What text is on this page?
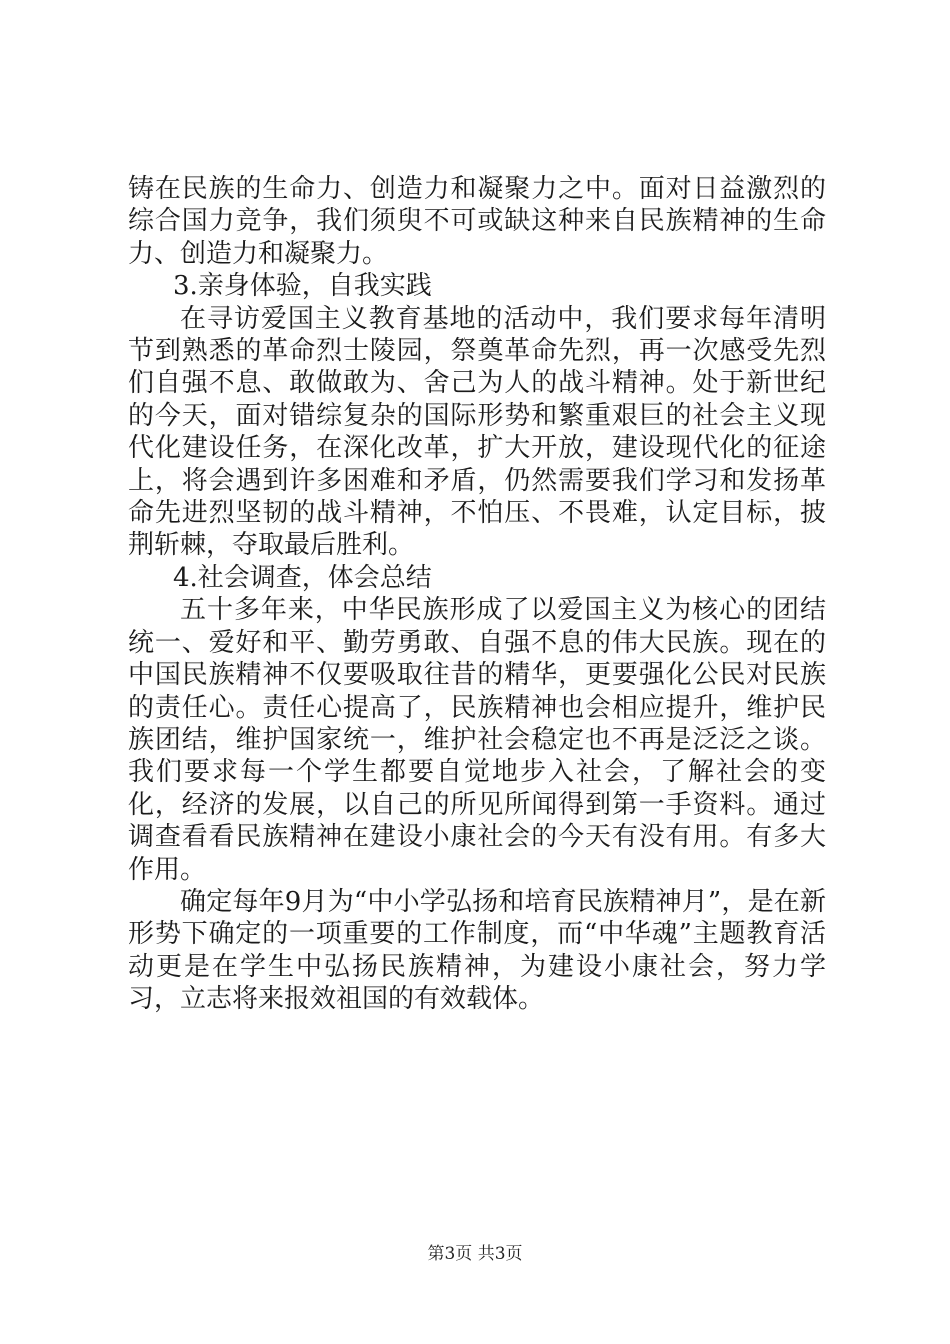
铸在民族的生命力、创造力和凝聚力之中。面对日益激烈的综合国力竞争，我们须臾不可或缺这种来自民族精神的生命力、创造力和凝聚力。

3.亲身体验，自我实践

在寻访爱国主义教育基地的活动中，我们要求每年清明节到熟悉的革命烈士陵园，祭奠革命先烈，再一次感受先烈们自强不息、敢做敢为、舍己为人的战斗精神。处于新世纪的今天，面对错综复杂的国际形势和繁重艰巨的社会主义现代化建设任务，在深化改革，扩大开放，建设现代化的征途上，将会遇到许多困难和矛盾，仍然需要我们学习和发扬革命先进烈坚韧的战斗精神，不怕压、不畏难，认定目标，披荆斩棘，夺取最后胜利。

4.社会调查，体会总结

五十多年来，中华民族形成了以爱国主义为核心的团结统一、爱好和平、勤劳勇敢、自强不息的伟大民族。现在的中国民族精神不仅要吸取往昔的精华，更要强化公民对民族的责任心。责任心提高了，民族精神也会相应提升，维护民族团结，维护国家统一，维护社会稳定也不再是泛泛之谈。我们要求每一个学生都要自觉地步入社会，了解社会的变化，经济的发展，以自己的所见所闻得到第一手资料。通过调查看看民族精神在建设小康社会的今天有没有用。有多大作用。

确定每年9月为“中小学弘扬和培育民族精神月”，是在新形势下确定的一项重要的工作制度，而“中华魂”主题教育活动更是在学生中弘扬民族精神，为建设小康社会，努力学习，立志将来报效祖国的有效载体。

第3页 共3页
